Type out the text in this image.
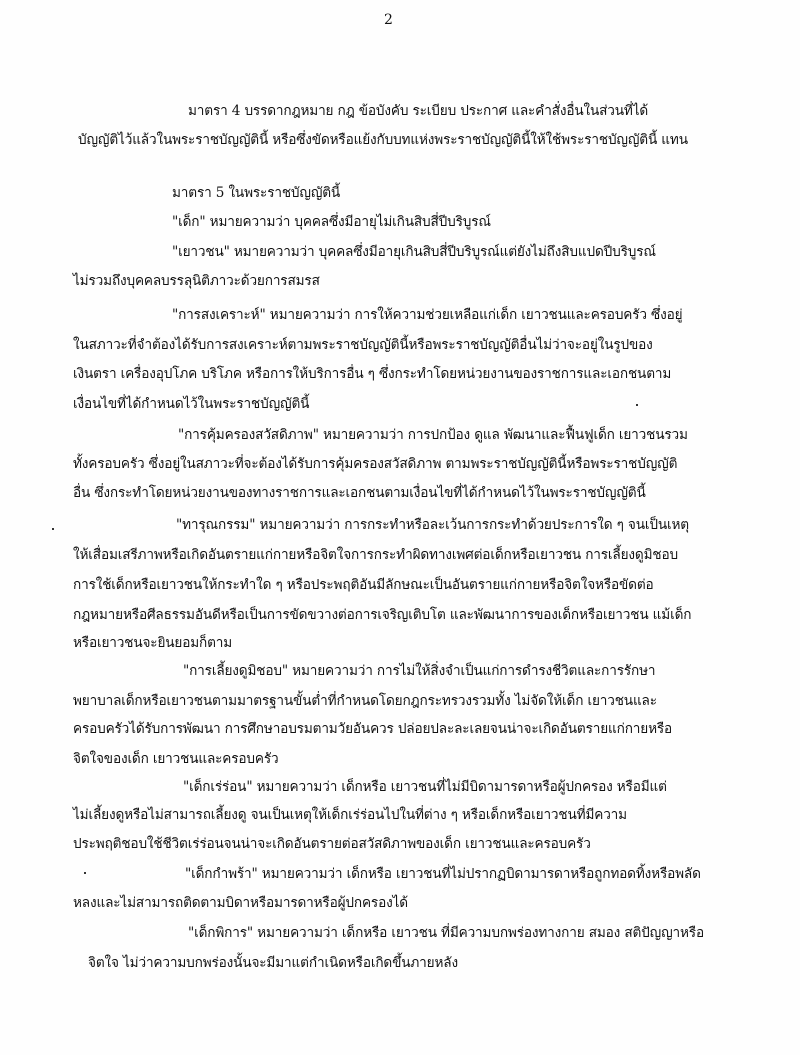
2
มาตรา 4 บรรดากฎหมาย กฎ ข้อบังคับ ระเบียบ ประกาศ และคำสั่งอื่นในส่วนที่ได้
บัญญัติไว้แล้วในพระราชบัญญัตินี้ หรือซึ่งขัดหรือแย้งกับบทแห่งพระราชบัญญัตินี้ให้ใช้พระราชบัญญัตินี้ แทน
มาตรา 5 ในพระราชบัญญัตินี้
"เด็ก" หมายความว่า บุคคลซึ่งมีอายุไม่เกินสิบสี่ปีบริบูรณ์
"เยาวชน" หมายความว่า บุคคลซึ่งมีอายุเกินสิบสี่ปีบริบูรณ์แต่ยังไม่ถึงสิบแปดปีบริบูรณ์
ไม่รวมถึงบุคคลบรรลุนิติภาวะด้วยการสมรส
"การสงเคราะห์" หมายความว่า การให้ความช่วยเหลือแก่เด็ก เยาวชนและครอบครัว ซึ่งอยู่
ในสภาวะที่จำต้องได้รับการสงเคราะห์ตามพระราชบัญญัตินี้หรือพระราชบัญญัติอื่นไม่ว่าจะอยู่ในรูปของ
เงินตรา เครื่องอุปโภค บริโภค หรือการให้บริการอื่น ๆ ซึ่งกระทำโดยหน่วยงานของราชการและเอกชนตาม
เงื่อนไขที่ได้กำหนดไว้ในพระราชบัญญัตินี้
"การคุ้มครองสวัสดิภาพ" หมายความว่า การปกป้อง ดูแล พัฒนาและฟื้นฟูเด็ก เยาวชนรวม
ทั้งครอบครัว ซึ่งอยู่ในสภาวะที่จะต้องได้รับการคุ้มครองสวัสดิภาพ ตามพระราชบัญญัตินี้หรือพระราชบัญญัติ
อื่น ซึ่งกระทำโดยหน่วยงานของทางราชการและเอกชนตามเงื่อนไขที่ได้กำหนดไว้ในพระราชบัญญัตินี้
"ทารุณกรรม" หมายความว่า การกระทำหรือละเว้นการกระทำด้วยประการใด ๆ จนเป็นเหตุ
ให้เสื่อมเสรีภาพหรือเกิดอันตรายแก่กายหรือจิตใจการกระทำผิดทางเพศต่อเด็กหรือเยาวชน การเลี้ยงดูมิชอบ
การใช้เด็กหรือเยาวชนให้กระทำใด ๆ หรือประพฤติอันมีลักษณะเป็นอันตรายแก่กายหรือจิตใจหรือขัดต่อ
กฎหมายหรือศีลธรรมอันดีหรือเป็นการขัดขวางต่อการเจริญเติบโต และพัฒนาการของเด็กหรือเยาวชน แม้เด็ก
หรือเยาวชนจะยินยอมก็ตาม
"การเลี้ยงดูมิชอบ" หมายความว่า การไม่ให้สิ่งจำเป็นแก่การดำรงชีวิตและการรักษา
พยาบาลเด็กหรือเยาวชนตามมาตรฐานขั้นต่ำที่กำหนดโดยกฎกระทรวงรวมทั้ง ไม่จัดให้เด็ก เยาวชนและ
ครอบครัวได้รับการพัฒนา การศึกษาอบรมตามวัยอันควร ปล่อยปละละเลยจนน่าจะเกิดอันตรายแก่กายหรือ
จิตใจของเด็ก เยาวชนและครอบครัว
"เด็กเร่ร่อน" หมายความว่า เด็กหรือ เยาวชนที่ไม่มีบิดามารดาหรือผู้ปกครอง หรือมีแต่
ไม่เลี้ยงดูหรือไม่สามารถเลี้ยงดู จนเป็นเหตุให้เด็กเร่ร่อนไปในที่ต่าง ๆ หรือเด็กหรือเยาวชนที่มีความ
ประพฤติชอบใช้ชีวิตเร่ร่อนจนน่าจะเกิดอันตรายต่อสวัสดิภาพของเด็ก เยาวชนและครอบครัว
"เด็กกำพร้า" หมายความว่า เด็กหรือ เยาวชนที่ไม่ปรากฏบิดามารดาหรือถูกทอดทิ้งหรือพลัด
หลงและไม่สามารถติดตามบิดาหรือมารดาหรือผู้ปกครองได้
"เด็กพิการ" หมายความว่า เด็กหรือ เยาวชน ที่มีความบกพร่องทางกาย สมอง สติปัญญาหรือ
จิตใจ ไม่ว่าความบกพร่องนั้นจะมีมาแต่กำเนิดหรือเกิดขึ้นภายหลัง
